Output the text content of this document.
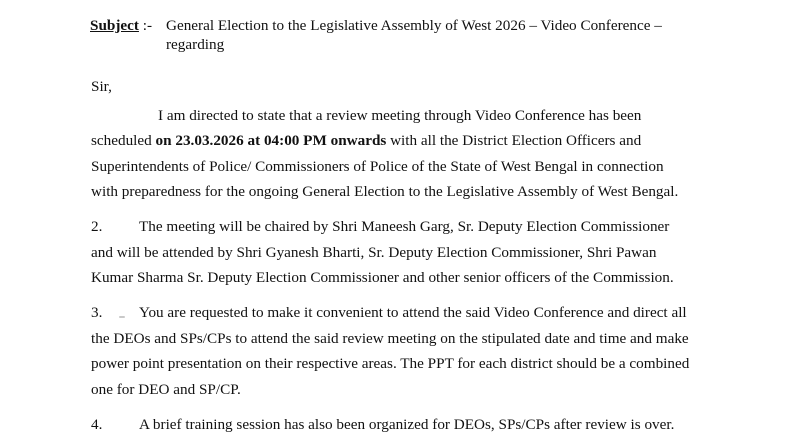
Subject :- General Election to the Legislative Assembly of West 2026 – Video Conference –
regarding
Sir,
I am directed to state that a review meeting through Video Conference has been
scheduled on 23.03.2026 at 04:00 PM onwards with all the District Election Officers and
Superintendents of Police/ Commissioners of Police of the State of West Bengal in connection
with preparedness for the ongoing General Election to the Legislative Assembly of West Bengal.
2. The meeting will be chaired by Shri Maneesh Garg, Sr. Deputy Election Commissioner
and will be attended by Shri Gyanesh Bharti, Sr. Deputy Election Commissioner, Shri Pawan
Kumar Sharma Sr. Deputy Election Commissioner and other senior officers of the Commission.
3. You are requested to make it convenient to attend the said Video Conference and direct all
the DEOs and SPs/CPs to attend the said review meeting on the stipulated date and time and make
power point presentation on their respective areas. The PPT for each district should be a combined
one for DEO and SP/CP.
4. A brief training session has also been organized for DEOs, SPs/CPs after review is over.
